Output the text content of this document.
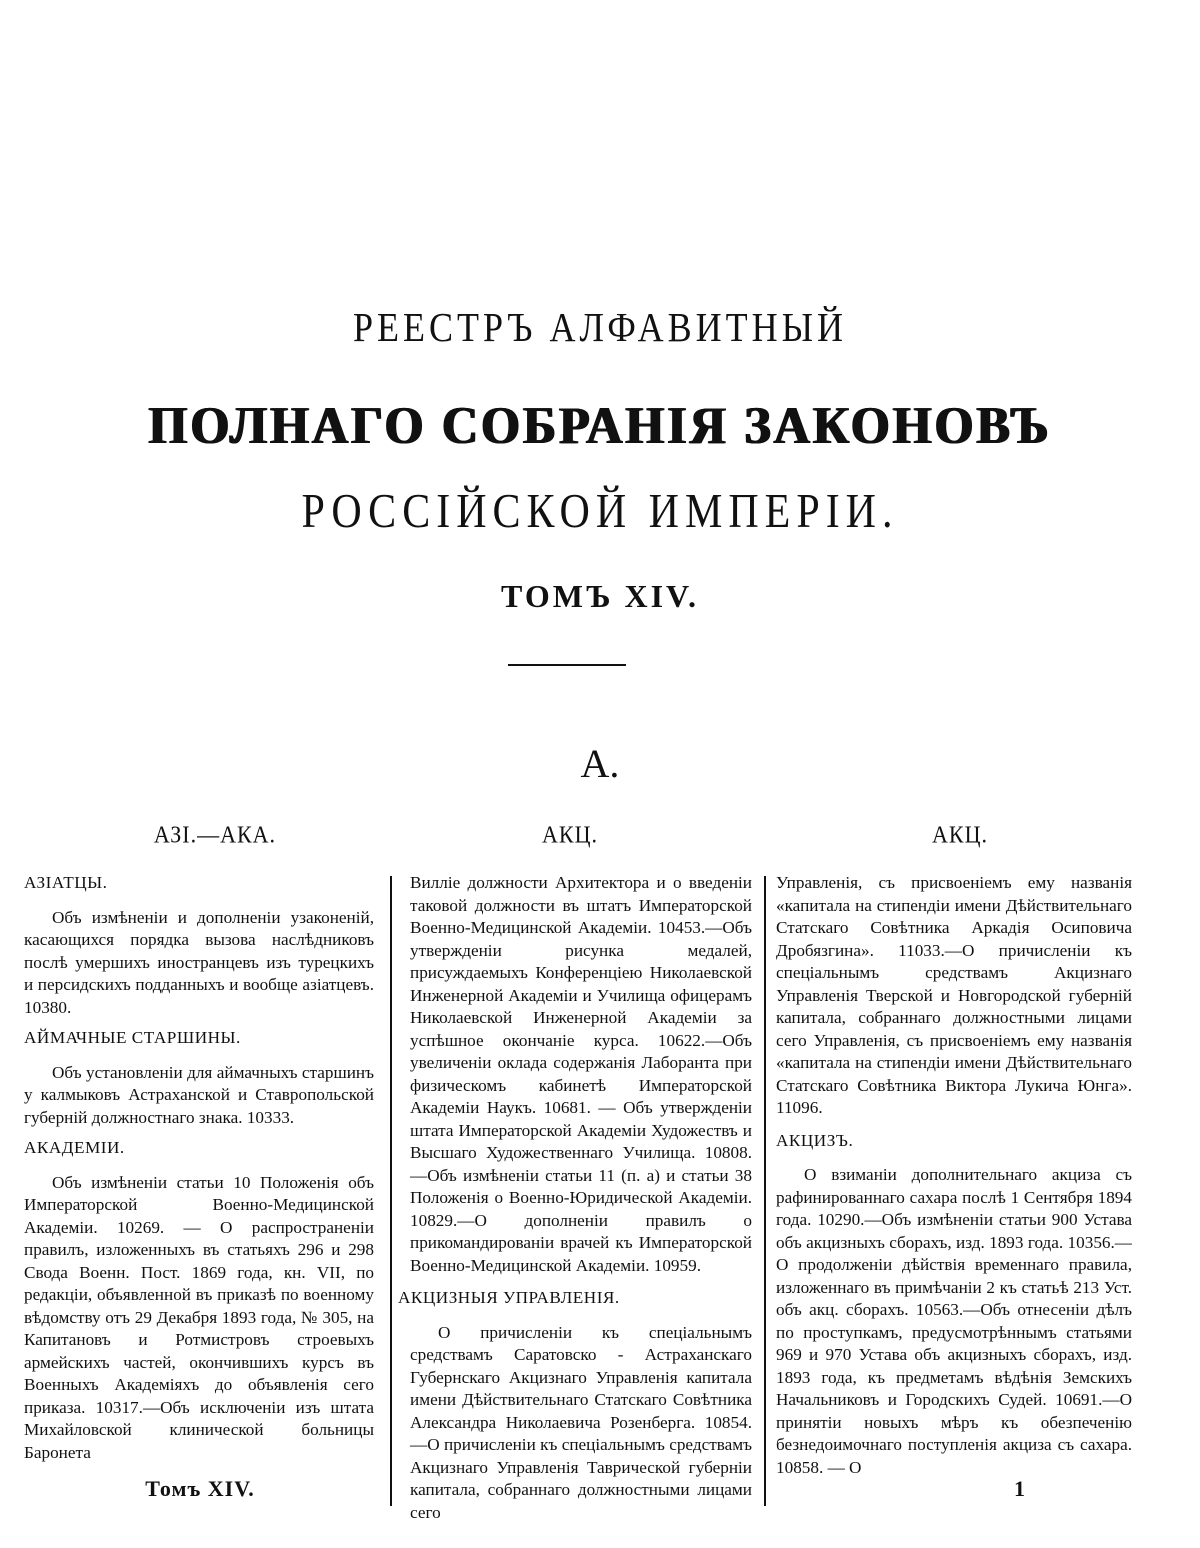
РЕЕСТРЪ АЛФАВИТНЫЙ
ПОЛНАГО СОБРАНІЯ ЗАКОНОВЪ
РОССІЙСКОЙ ИМПЕРІИ.
ТОМЪ XIV.
А.
АЗІ.—АКА.	АКЦ.	АКЦ.

АЗІАТЦЫ.

Объ измѣненіи и дополненіи узаконеній, касающихся порядка вызова наслѣдниковъ послѣ умершихъ иностранцевъ изъ турецкихъ и персидскихъ подданныхъ и вообще азіатцевъ. 10380.

АЙМАЧНЫЕ СТАРШИНЫ.

Объ установленіи для аймачныхъ старшинъ у калмыковъ Астраханской и Ставропольской губерній должностнаго знака. 10333.

АКАДЕМІИ.

Объ измѣненіи статьи 10 Положенія объ Императорской Военно-Медицинской Академіи. 10269. — О распространеніи правилъ, изложенныхъ въ статьяхъ 296 и 298 Свода Военн. Пост. 1869 года, кн. VII, по редакціи, объявленной въ приказѣ по военному вѣдомству отъ 29 Декабря 1893 года, № 305, на Капитановъ и Ротмистровъ строевыхъ армейскихъ частей, окончившихъ курсъ въ Военныхъ Академіяхъ до объявленія сего приказа. 10317.—Объ исключеніи изъ штата Михайловской клинической больницы Баронета

Виллie должности Архитектора и о введеніи таковой должности въ штатъ Императорской Военно-Медицинской Академіи. 10453.—Объ утвержденіи рисунка медалей, присуждаемыхъ Конференціею Николаевской Инженерной Академіи и Училища офицерамъ Николаевской Инженерной Академіи за успѣшное окончаніе курса. 10622.—Объ увеличеніи оклада содержанія Лаборанта при физическомъ кабинетѣ Императорской Академіи Наукъ. 10681. — Объ утвержденіи штата Императорской Академіи Художествъ и Высшаго Художественнаго Училища. 10808.—Объ измѣненіи статьи 11 (п. а) и статьи 38 Положенія о Военно-Юридической Академіи. 10829.—О дополненіи правилъ о прикомандированіи врачей къ Императорской Военно-Медицинской Академіи. 10959.

АКЦИЗНЫЯ УПРАВЛЕНІЯ.

О причисленіи къ спеціальнымъ средствамъ Саратовско - Астраханскаго Губернскаго Акцизнаго Управленія капитала имени Дѣйствительнаго Статскаго Совѣтника Александра Николаевича Розенберга. 10854.—О причисленіи къ спеціальнымъ средствамъ Акцизнаго Управленія Таврической губерніи капитала, собраннаго должностными лицами сего

Управленія, съ присвоеніемъ ему названія «капитала на стипендіи имени Дѣйствительнаго Статскаго Совѣтника Аркадія Осиповича Дробязгина». 11033.—О причисленіи къ спеціальнымъ средствамъ Акцизнаго Управленія Тверской и Новгородской губерній капитала, собраннаго должностными лицами сего Управленія, съ присвоеніемъ ему названія «капитала на стипендіи имени Дѣйствительнаго Статскаго Совѣтника Виктора Лукича Юнга». 11096.

АКЦИЗЪ.

О взиманіи дополнительнаго акциза съ рафинированнаго сахара послѣ 1 Сентября 1894 года. 10290.—Объ измѣненіи статьи 900 Устава объ акцизныхъ сборахъ, изд. 1893 года. 10356.—О продолженіи дѣйствія временнаго правила, изложеннаго въ примѣчаніи 2 къ статьѣ 213 Уст. объ акц. сборахъ. 10563.—Объ отнесеніи дѣлъ по проступкамъ, предусмотрѣннымъ статьями 969 и 970 Устава объ акцизныхъ сборахъ, изд. 1893 года, къ предметамъ вѣдѣнія Земскихъ Начальниковъ и Городскихъ Судей. 10691.—О принятіи новыхъ мѣръ къ обезпеченію безнедоимочнаго поступленія акциза съ сахара. 10858. — О

Томъ XIV.	1
